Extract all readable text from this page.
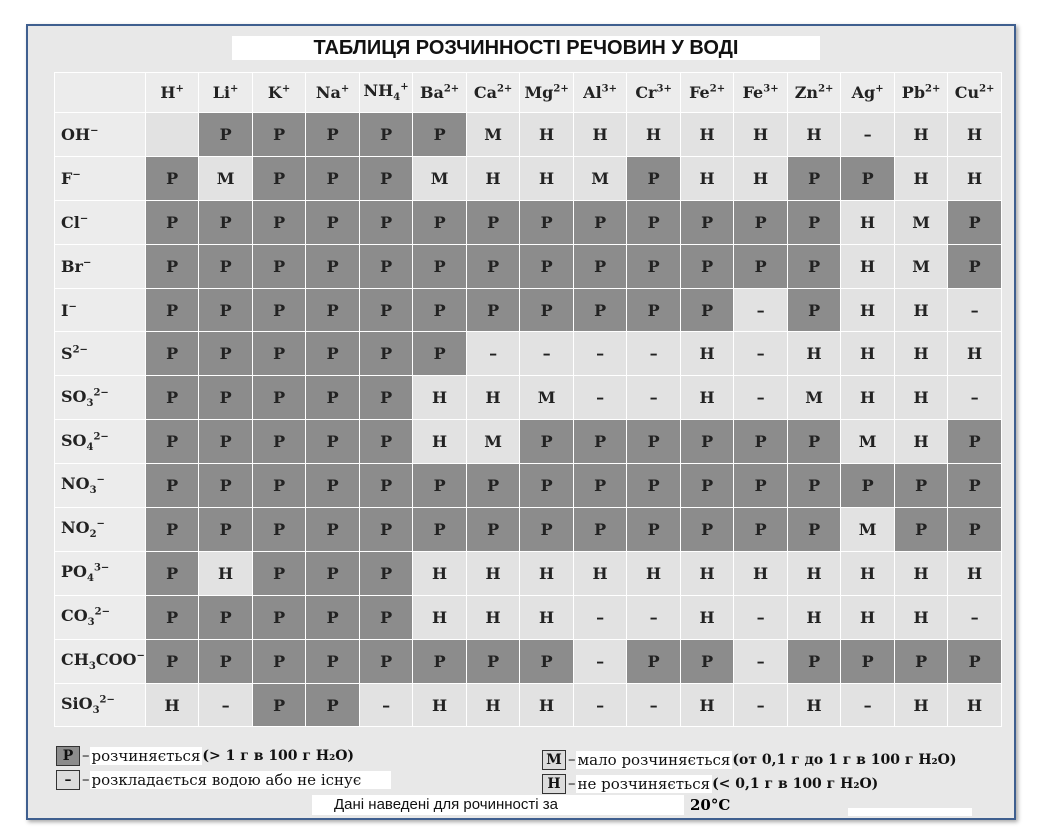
ТАБЛИЦЯ РОЗЧИННОСТІ РЕЧОВИН У ВОДІ
	H+	Li+	K+	Na+	$NH_4^+$	$Ba^{2+}$	$Ca^{2+}$	$Mg^{2+}$	$Al^{3+}$	$Cr^{3+}$	$Fe^{2+}$	$Fe^{3+}$	$Zn^{2+}$	Ag+	$Pb^{2+}$	$Cu^{2+}$
OH−		Р	Р	Р	Р	Р	М	Н	Н	Н	Н	Н	Н	–	Н	Н
F−	Р	М	Р	Р	Р	М	Н	Н	М	Р	Н	Н	Р	Р	Н	Н
Cl−	Р	Р	Р	Р	Р	Р	Р	Р	Р	Р	Р	Р	Р	Н	М	Р
Br−	Р	Р	Р	Р	Р	Р	Р	Р	Р	Р	Р	Р	Р	Н	М	Р
I−	Р	Р	Р	Р	Р	Р	Р	Р	Р	Р	Р	–	Р	Н	Н	–
$S^{2-}$	Р	Р	Р	Р	Р	Р	–	–	–	–	Н	–	Н	Н	Н	Н
$SO_3^{2-}$	Р	Р	Р	Р	Р	Н	Н	М	–	–	Н	–	М	Н	Н	–
$SO_4^{2-}$	Р	Р	Р	Р	Р	Н	М	Р	Р	Р	Р	Р	Р	М	Н	Р
$NO_3^-$	Р	Р	Р	Р	Р	Р	Р	Р	Р	Р	Р	Р	Р	Р	Р	Р
$NO_2^-$	Р	Р	Р	Р	Р	Р	Р	Р	Р	Р	Р	Р	Р	М	Р	Р
$PO_4^{3-}$	Р	Н	Р	Р	Р	Н	Н	Н	Н	Н	Н	Н	Н	Н	Н	Н
$CO_3^{2-}$	Р	Р	Р	Р	Р	Н	Н	Н	–	–	Н	–	Н	Н	Н	–
$CH_3COO^-$	Р	Р	Р	Р	Р	Р	Р	Р	–	Р	Р	–	Р	Р	Р	Р
SiO$_3^{2-}$	Н	–	Р	Р	–	Н	Н	Н	–	–	Н	–	Н	–	Н	Н
Р – розчиняється (> 1 г в 100 г H₂O)
– – розкладається водою або не існує
М – мало розчиняється (от 0,1 г до 1 г в 100 г H₂O)
Н – не розчиняється (< 0,1 г в 100 г H₂O)
Дані наведені для рочинності за	20°C
